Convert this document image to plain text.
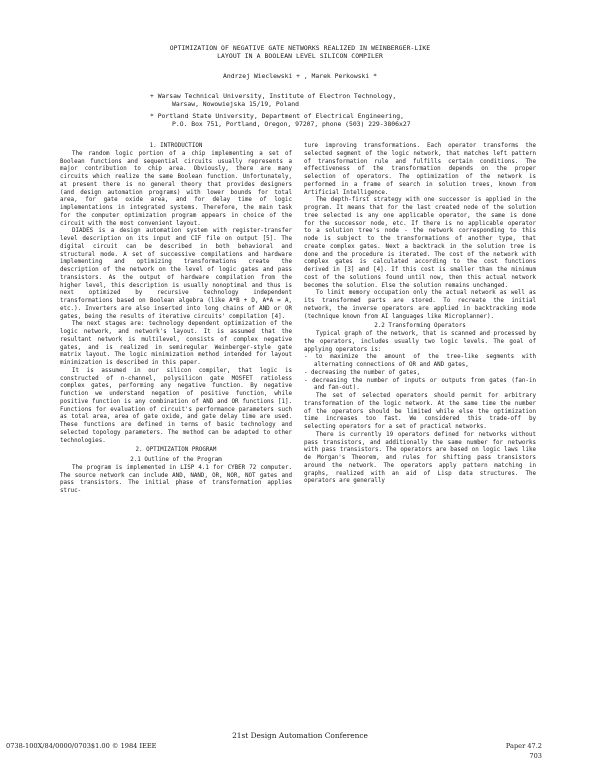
OPTIMIZATION OF NEGATIVE GATE NETWORKS REALIZED IN WEINBERGER-LIKE
LAYOUT IN A BOOLEAN LEVEL SILICON COMPILER
Andrzej Wieclewski + , Marek Perkowski *
+ Warsaw Technical University, Institute of Electron Technology,
Warsaw, Nowowiejska 15/19, Poland
* Portland State University, Department of Electrical Engineering,
P.O. Box 751, Portland, Oregon, 97207, phone (503) 229-3806x27

1. INTRODUCTION

The random logic portion of a chip implementing a set of Boolean functions and sequential circuits usually represents a major contribution to chip area. Obviously, there are many circuits which realize the same Boolean function. Unfortunately, at present there is no general theory that provides designers (and design automation programs) with lower bounds for total area, for gate oxide area, and for delay time of logic implementations in integrated systems. Therefore, the main task for the computer optimization program appears in choice of the circuit with the most convenient layout.

DIADES is a design automation system with register-transfer level description on its input and CIF file on output [5]. The digital circuit can be described in both behavioral and structural mode. A set of successive compilations and hardware implementing and optimizing transformations create the description of the network on the level of logic gates and pass transistors. As the output of hardware compilation from the higher level, this description is usually nonoptimal and thus is next optimized by recursive technology independent transformations based on Boolean algebra (like A*B + D, A*A = A, etc.). Inverters are also inserted into long chains of AND or OR gates, being the results of iterative circuits' compilation [4].

The next stages are: technology dependent optimization of the logic network, and network's layout. It is assumed that the resultant network is multilevel, consists of complex negative gates, and is realized in semiregular Weinberger-style gate matrix layout. The logic minimization method intended for layout minimization is described in this paper.

It is assumed in our silicon compiler, that logic is constructed of n-channel, polysilicon gate MOSFET ratioless complex gates, performing any negative function. By negative function we understand negation of positive function, while positive function is any combination of AND and OR functions [1]. Functions for evaluation of circuit's performance parameters such as total area, area of gate oxide, and gate delay time are used. These functions are defined in terms of basic technology and selected topology parameters. The method can be adapted to other technologies.

2. OPTIMIZATION PROGRAM

2.1 Outline of the Program

The program is implemented in LISP 4.1 for CYBER 72 computer. The source network can include AND, NAND, OR, NOR, NOT gates and pass transistors. The initial phase of transformation applies struc-

ture improving transformations. Each operator transforms the selected segment of the logic network, that matches left pattern of transformation rule and fulfills certain conditions. The effectiveness of the transformation depends on the proper selection of operators. The optimization of the network is performed in a frame of search in solution trees, known from Artificial Intelligence.

The depth-first strategy with one successor is applied in the program. It means that for the last created node of the solution tree selected is any one applicable operator, the same is done for the successor node, etc. If there is no applicable operator to a solution tree's node - the network corresponding to this node is subject to the transformations of another type, that create complex gates. Next a backtrack in the solution tree is done and the procedure is iterated. The cost of the network with complex gates is calculated according to the cost functions derived in [3] and [4]. If this cost is smaller than the minimum cost of the solutions found until now, then this actual network becomes the solution. Else the solution remains unchanged.

To limit memory occupation only the actual network as well as its transformed parts are stored. To recreate the initial network, the inverse operators are applied in backtracking mode (technique known from AI languages like Microplanner).

2.2 Transforming Operators

Typical graph of the network, that is scanned and processed by the operators, includes usually two logic levels. The goal of applying operators is:

- to maximize the amount of the tree-like segments with alternating connections of OR and AND gates,

- decreasing the number of gates,

- decreasing the number of inputs or outputs from gates (fan-in and fan-out).

The set of selected operators should permit for arbitrary transformation of the logic network. At the same time the number of the operators should be limited while else the optimization time increases too fast. We considered this trade-off by selecting operators for a set of practical networks.

There is currently 19 operators defined for networks without pass transistors, and additionally the same number for networks with pass transistors. The operators are based on logic laws like de Morgan's Theorem, and rules for shifting pass transistors around the network. The operators apply pattern matching in graphs, realized with an aid of Lisp data structures. The operators are generally

21st Design Automation Conference
0738-100X/84/0000/0703$1.00 © 1984 IEEE	Paper 47.2
703
